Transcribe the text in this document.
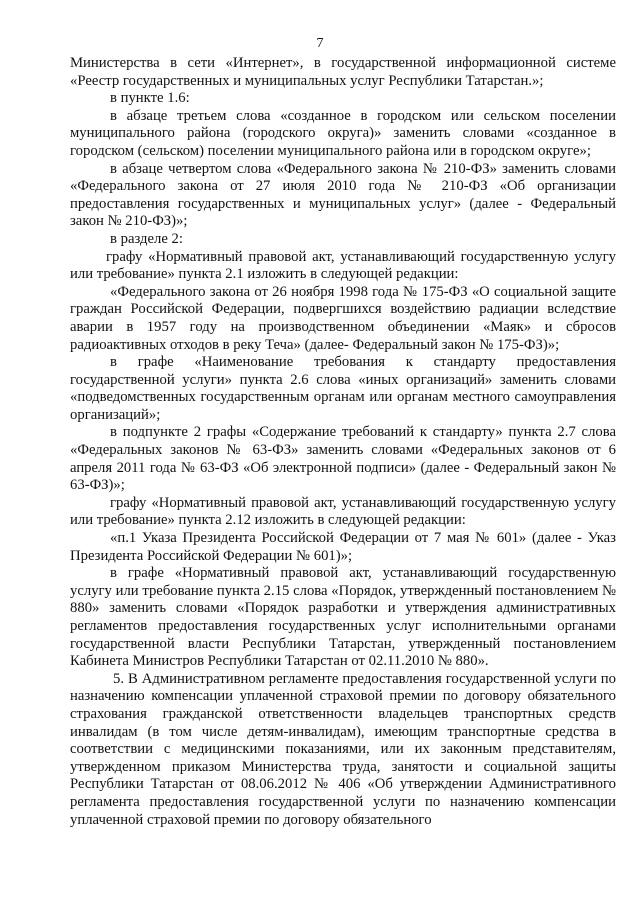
7

Министерства в сети «Интернет», в государственной информационной системе «Реестр государственных и муниципальных услуг Республики Татарстан.»;

в пункте 1.6:

в абзаце третьем слова «созданное в городском или сельском поселении муниципального района (городского округа)» заменить словами «созданное в городском (сельском) поселении муниципального района или в городском округе»;

в абзаце четвертом слова «Федерального закона № 210-ФЗ» заменить словами «Федерального закона от 27 июля 2010 года № 210-ФЗ «Об организации предоставления государственных и муниципальных услуг» (далее - Федеральный закон № 210-ФЗ)»;

в разделе 2:

графу «Нормативный правовой акт, устанавливающий государственную услугу или требование» пункта 2.1 изложить в следующей редакции:

«Федерального закона от 26 ноября 1998 года № 175-ФЗ «О социальной защите граждан Российской Федерации, подвергшихся воздействию радиации вследствие аварии в 1957 году на производственном объединении «Маяк» и сбросов радиоактивных отходов в реку Теча» (далее- Федеральный закон № 175-ФЗ)»;

в графе «Наименование требования к стандарту предоставления государственной услуги» пункта 2.6 слова «иных организаций» заменить словами «подведомственных государственным органам или органам местного самоуправления организаций»;

в подпункте 2 графы «Содержание требований к стандарту» пункта 2.7 слова «Федеральных законов № 63-ФЗ» заменить словами «Федеральных законов от 6 апреля 2011 года № 63-ФЗ «Об электронной подписи» (далее - Федеральный закон № 63-ФЗ)»;

графу «Нормативный правовой акт, устанавливающий государственную услугу или требование» пункта 2.12 изложить в следующей редакции:

«п.1 Указа Президента Российской Федерации от 7 мая № 601» (далее - Указ Президента Российской Федерации № 601)»;

в графе «Нормативный правовой акт, устанавливающий государственную услугу или требование пункта 2.15 слова «Порядок, утвержденный постановлением № 880» заменить словами «Порядок разработки и утверждения административных регламентов предоставления государственных услуг исполнительными органами государственной власти Республики Татарстан, утвержденный постановлением Кабинета Министров Республики Татарстан от 02.11.2010 № 880».

5. В Административном регламенте предоставления государственной услуги по назначению компенсации уплаченной страховой премии по договору обязательного страхования гражданской ответственности владельцев транспортных средств инвалидам (в том числе детям-инвалидам), имеющим транспортные средства в соответствии с медицинскими показаниями, или их законным представителям, утвержденном приказом Министерства труда, занятости и социальной защиты Республики Татарстан от 08.06.2012 № 406 «Об утверждении Административного регламента предоставления государственной услуги по назначению компенсации уплаченной страховой премии по договору обязательного
